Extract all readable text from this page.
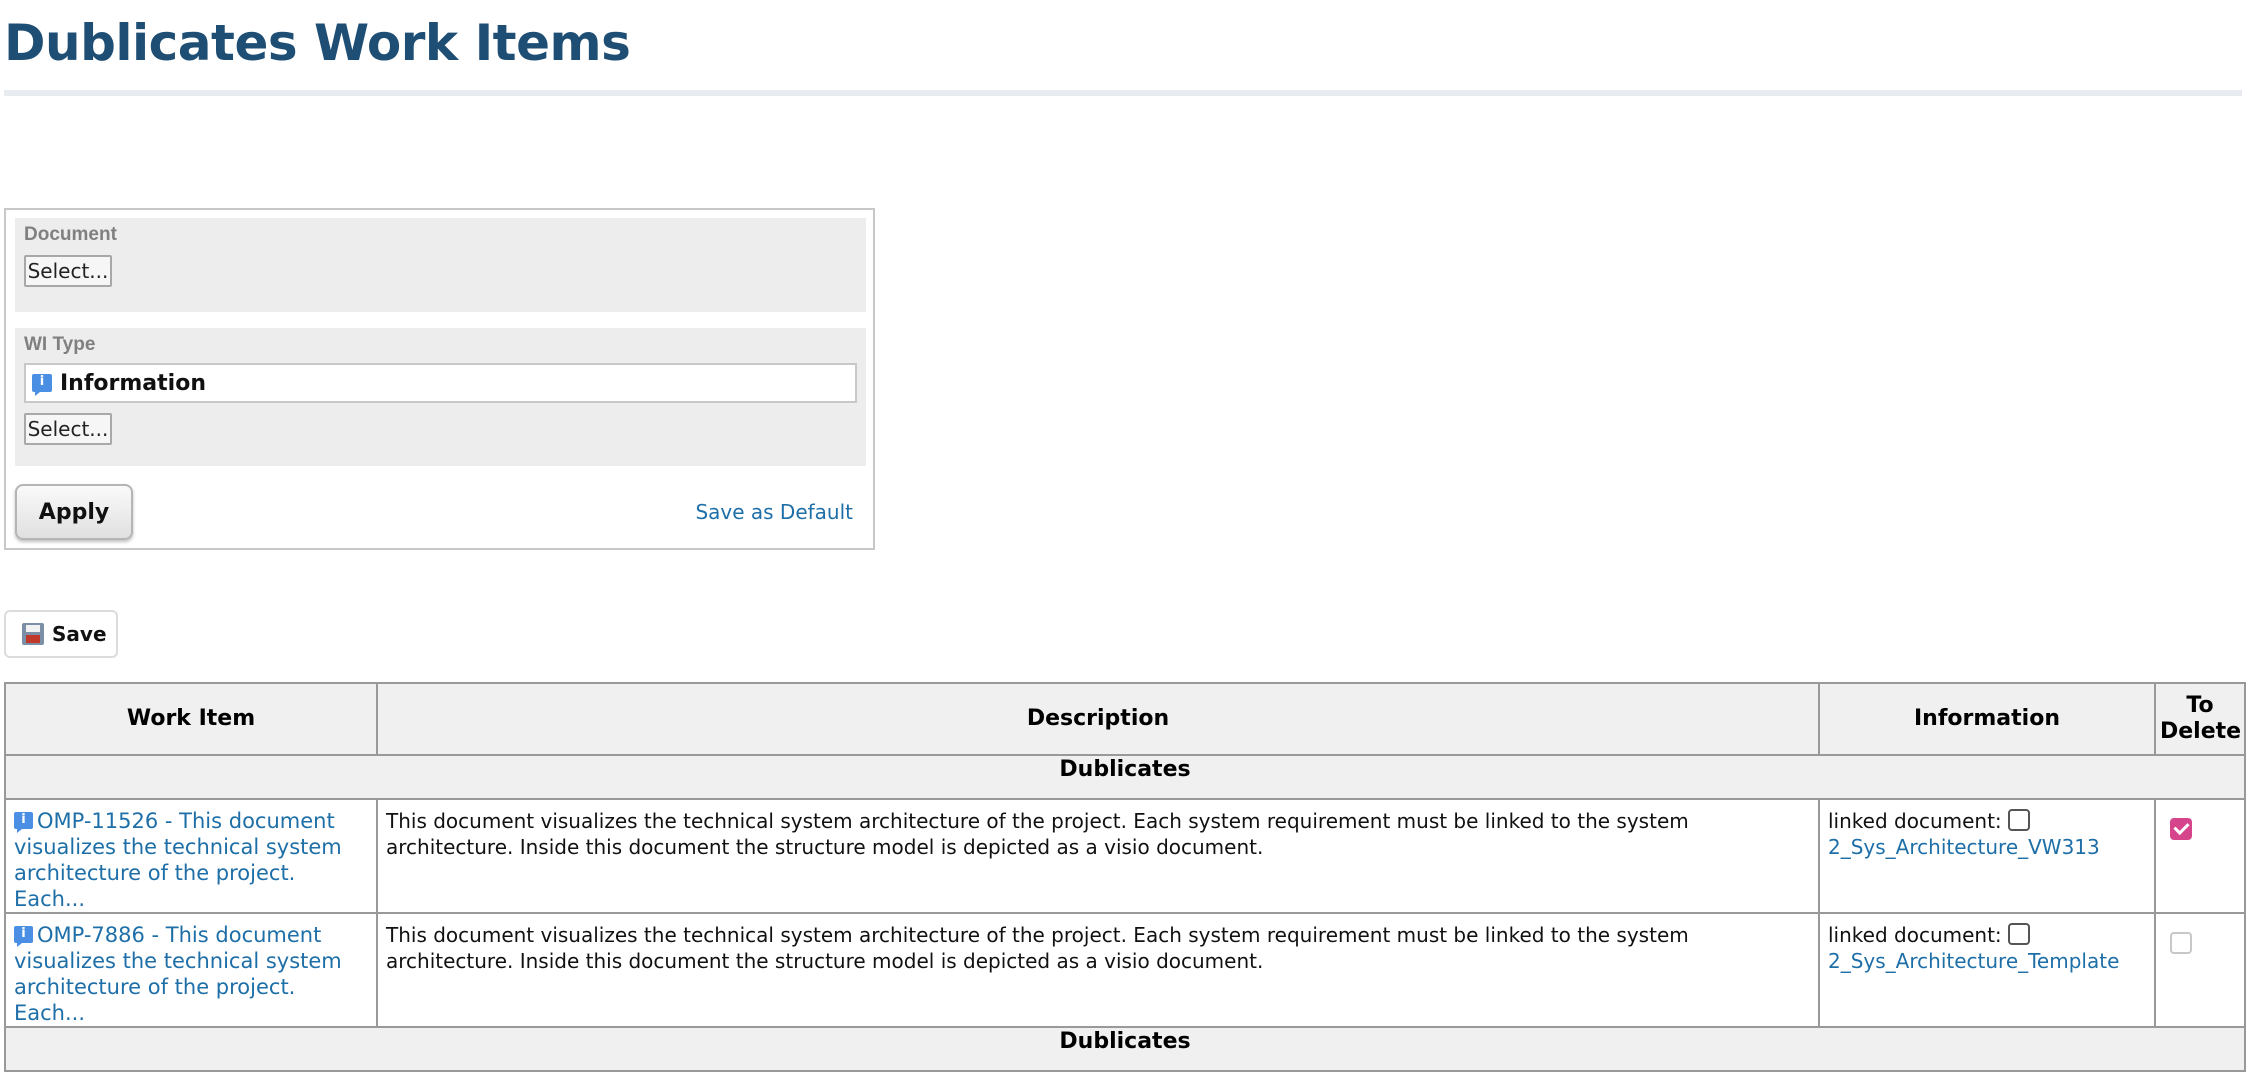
Dublicates Work Items
Document
Select...
WI Type
i
Information
Select...
Apply	Save as Default
Save
Work Item	Description	Information	To Delete
Dublicates			
iOMP-11526 - This document visualizes the technical system architecture of the project. Each...	This document visualizes the technical system architecture of the project. Each system requirement must be linked to the system architecture. Inside this document the structure model is depicted as a visio document.	linked document:
2_Sys_Architecture_VW313	
iOMP-7886 - This document visualizes the technical system architecture of the project. Each...	This document visualizes the technical system architecture of the project. Each system requirement must be linked to the system architecture. Inside this document the structure model is depicted as a visio document.	linked document:
2_Sys_Architecture_Template	
Dublicates			
